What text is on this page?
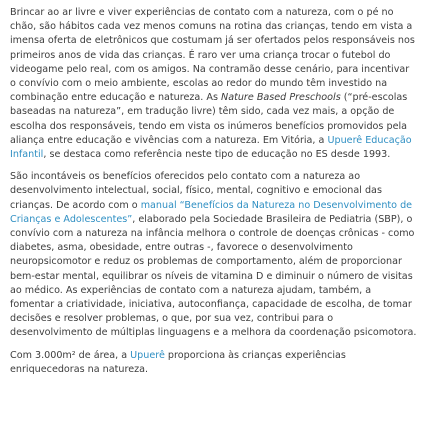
Brincar ao ar livre e viver experiências de contato com a natureza, com o pé no chão, são hábitos cada vez menos comuns na rotina das crianças, tendo em vista a imensa oferta de eletrônicos que costumam já ser ofertados pelos responsáveis nos primeiros anos de vida das crianças. É raro ver uma criança trocar o futebol do videogame pelo real, com os amigos. Na contramão desse cenário, para incentivar o convívio com o meio ambiente, escolas ao redor do mundo têm investido na combinação entre educação e natureza. As Nature Based Preschools (“pré-escolas baseadas na natureza”, em tradução livre) têm sido, cada vez mais, a opção de escolha dos responsáveis, tendo em vista os inúmeros benefícios promovidos pela aliança entre educação e vivências com a natureza. Em Vitória, a Upuerê Educação Infantil, se destaca como referência neste tipo de educação no ES desde 1993.

São incontáveis os benefícios oferecidos pelo contato com a natureza ao desenvolvimento intelectual, social, físico, mental, cognitivo e emocional das crianças. De acordo com o manual “Benefícios da Natureza no Desenvolvimento de Crianças e Adolescentes”, elaborado pela Sociedade Brasileira de Pediatria (SBP), o convívio com a natureza na infância melhora o controle de doenças crônicas - como diabetes, asma, obesidade, entre outras -, favorece o desenvolvimento neuropsicomotor e reduz os problemas de comportamento, além de proporcionar bem-estar mental, equilibrar os níveis de vitamina D e diminuir o número de visitas ao médico. As experiências de contato com a natureza ajudam, também, a fomentar a criatividade, iniciativa, autoconfiança, capacidade de escolha, de tomar decisões e resolver problemas, o que, por sua vez, contribui para o desenvolvimento de múltiplas linguagens e a melhora da coordenação psicomotora.

Com 3.000m² de área, a Upuerê proporciona às crianças experiências enriquecedoras na natureza.
